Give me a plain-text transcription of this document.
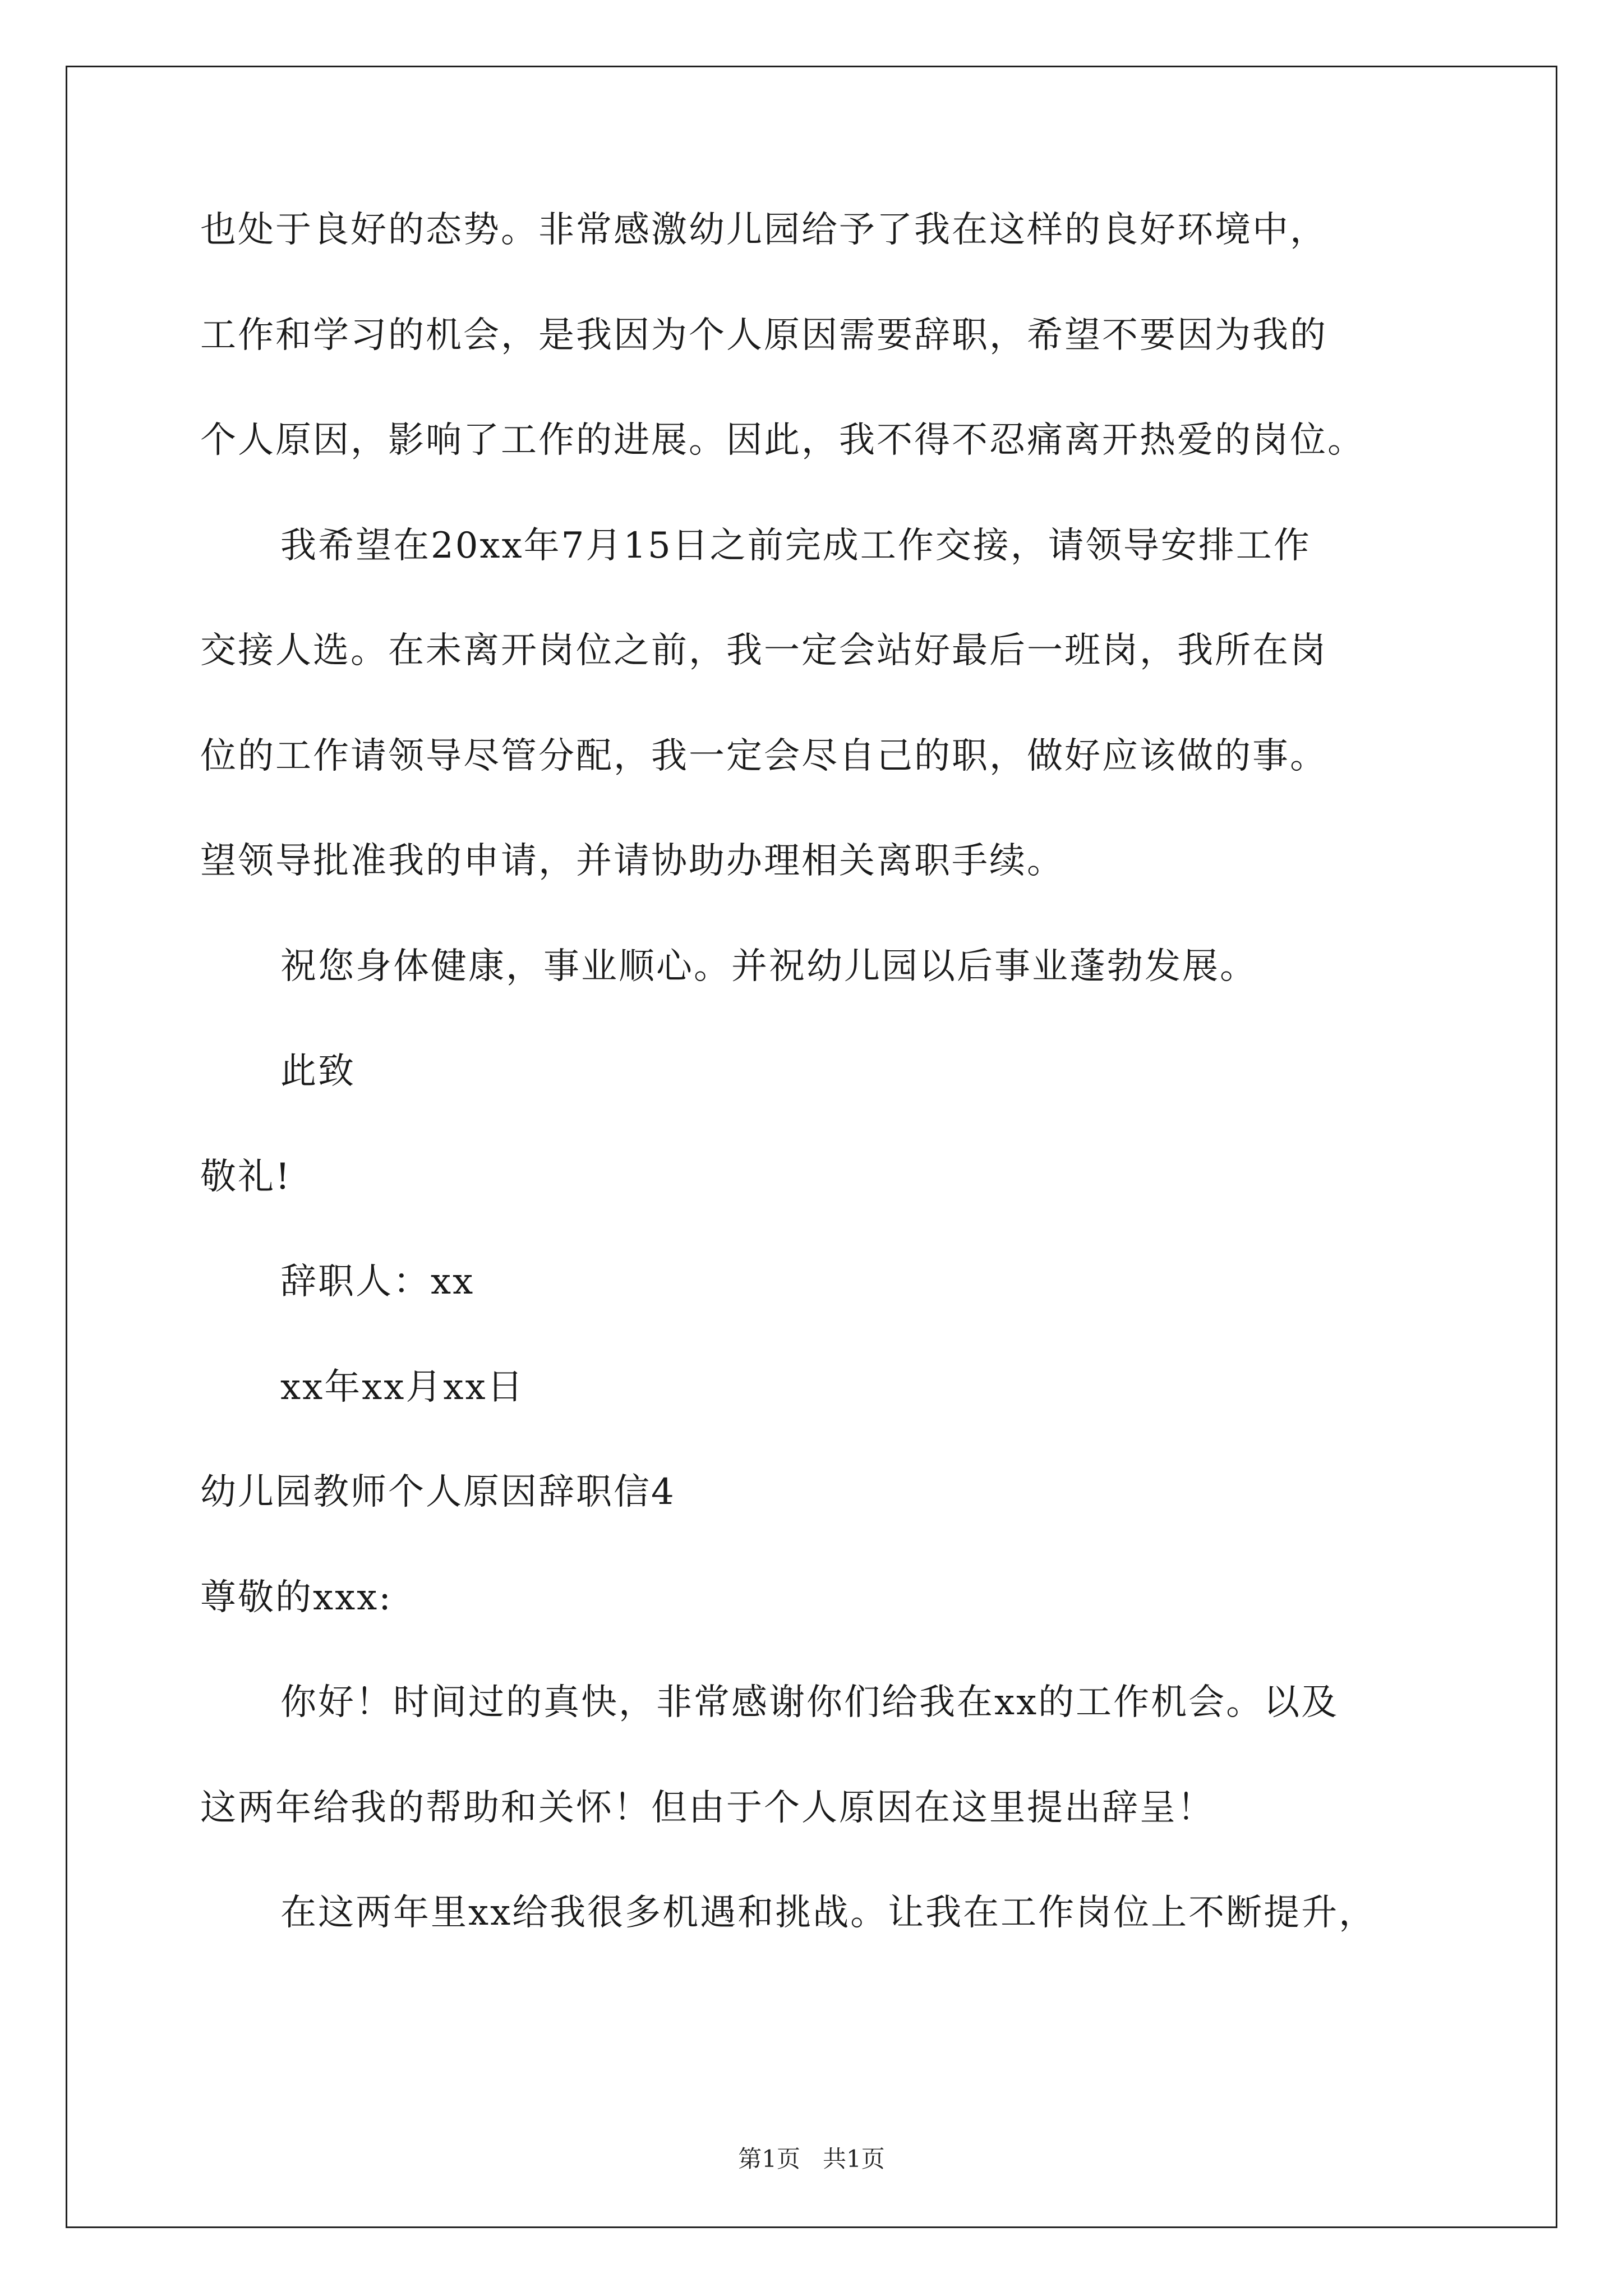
也处于良好的态势。非常感激幼儿园给予了我在这样的良好环境中，

工作和学习的机会，是我因为个人原因需要辞职，希望不要因为我的

个人原因，影响了工作的进展。因此，我不得不忍痛离开热爱的岗位。

我希望在20xx年7月15日之前完成工作交接，请领导安排工作

交接人选。在未离开岗位之前，我一定会站好最后一班岗，我所在岗

位的工作请领导尽管分配，我一定会尽自己的职，做好应该做的事。

望领导批准我的申请，并请协助办理相关离职手续。

祝您身体健康，事业顺心。并祝幼儿园以后事业蓬勃发展。

此致

敬礼!

辞职人：xx

xx年xx月xx日

幼儿园教师个人原因辞职信4

尊敬的xxx:

你好！时间过的真快，非常感谢你们给我在xx的工作机会。以及

这两年给我的帮助和关怀！但由于个人原因在这里提出辞呈！

在这两年里xx给我很多机遇和挑战。让我在工作岗位上不断提升，

第1页   共1页
